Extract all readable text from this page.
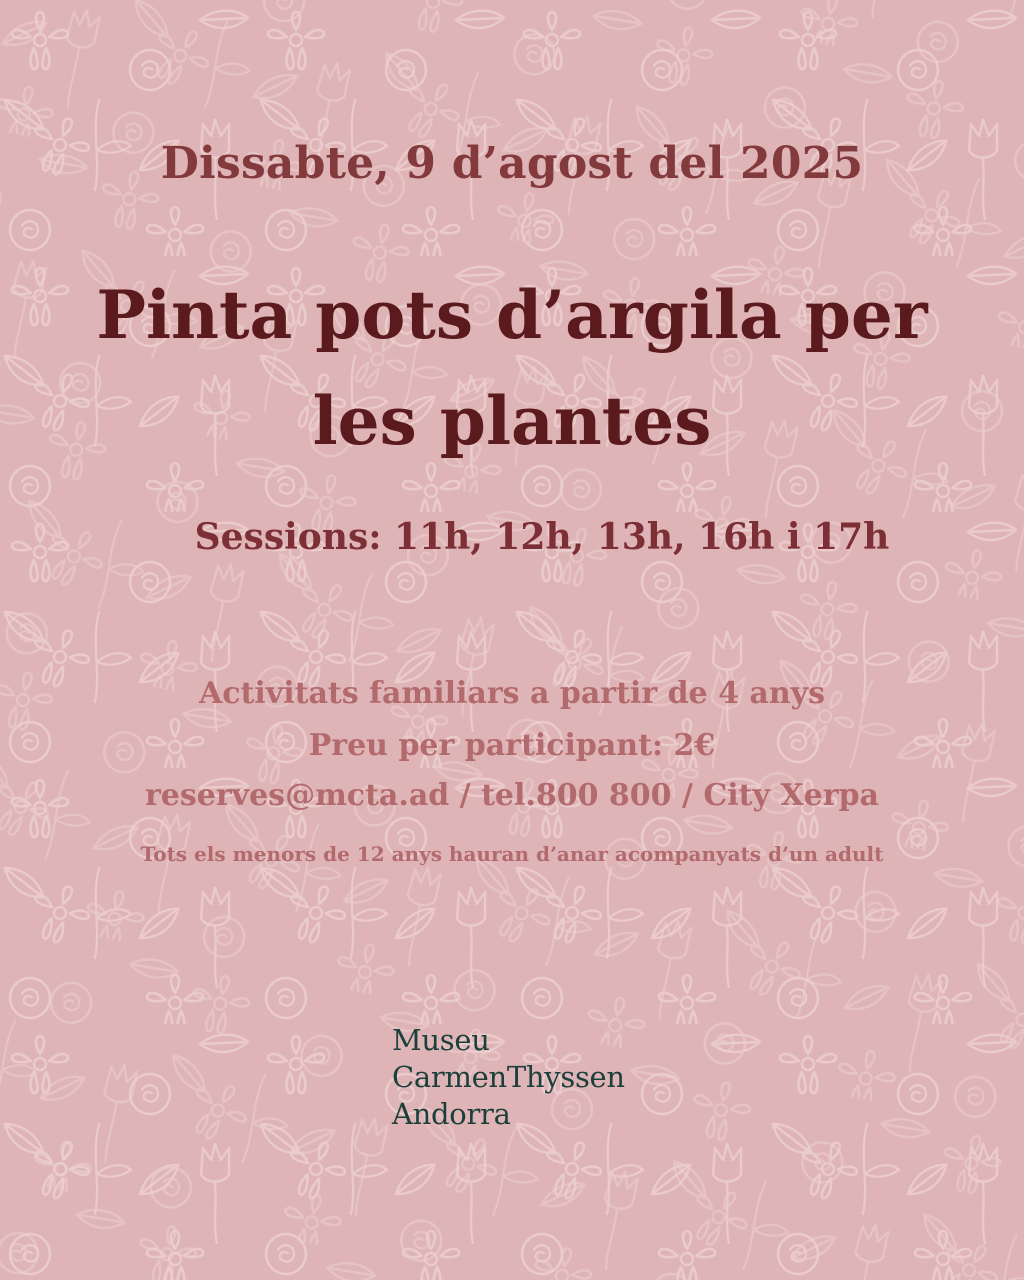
Dissabte, 9 d’agost del 2025
Pinta pots d’argila per
les plantes
Sessions: 11h, 12h, 13h, 16h i 17h
Activitats familiars a partir de 4 anys
Preu per participant: 2€
reserves@mcta.ad / tel.800 800 / City Xerpa
Tots els menors de 12 anys hauran d’anar acompanyats d’un adult
Museu
CarmenThyssen
Andorra
